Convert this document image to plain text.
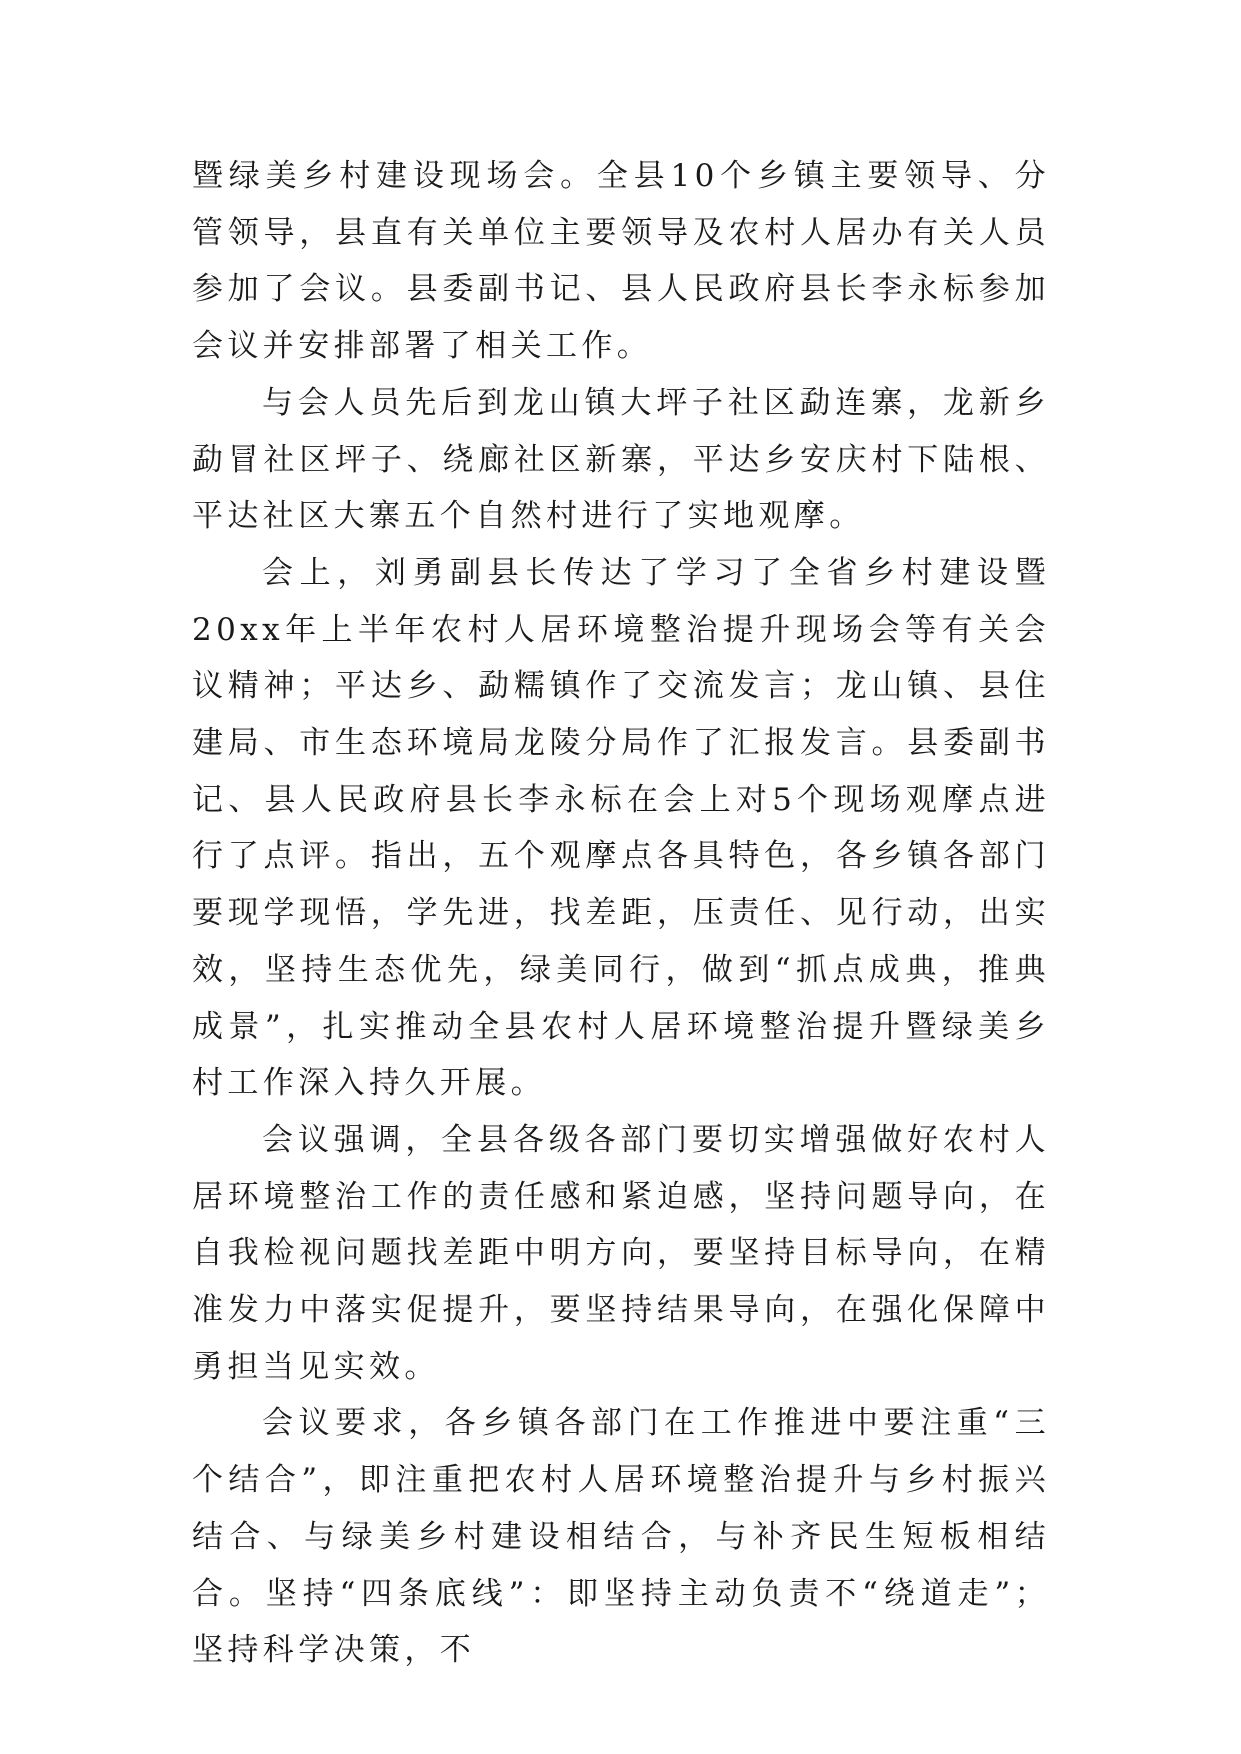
暨绿美乡村建设现场会。全县10个乡镇主要领导、分管领导，县直有关单位主要领导及农村人居办有关人员参加了会议。县委副书记、县人民政府县长李永标参加会议并安排部署了相关工作。

与会人员先后到龙山镇大坪子社区勐连寨，龙新乡勐冒社区坪子、绕廊社区新寨，平达乡安庆村下陆根、平达社区大寨五个自然村进行了实地观摩。

会上，刘勇副县长传达了学习了全省乡村建设暨20xx年上半年农村人居环境整治提升现场会等有关会议精神；平达乡、勐糯镇作了交流发言；龙山镇、县住建局、市生态环境局龙陵分局作了汇报发言。县委副书记、县人民政府县长李永标在会上对5个现场观摩点进行了点评。指出，五个观摩点各具特色，各乡镇各部门要现学现悟，学先进，找差距，压责任、见行动，出实效，坚持生态优先，绿美同行，做到“抓点成典，推典成景”，扎实推动全县农村人居环境整治提升暨绿美乡村工作深入持久开展。

会议强调，全县各级各部门要切实增强做好农村人居环境整治工作的责任感和紧迫感，坚持问题导向，在自我检视问题找差距中明方向，要坚持目标导向，在精准发力中落实促提升，要坚持结果导向，在强化保障中勇担当见实效。

会议要求，各乡镇各部门在工作推进中要注重“三个结合”，即注重把农村人居环境整治提升与乡村振兴结合、与绿美乡村建设相结合，与补齐民生短板相结合。坚持“四条底线”：即坚持主动负责不“绕道走”；坚持科学决策，不
